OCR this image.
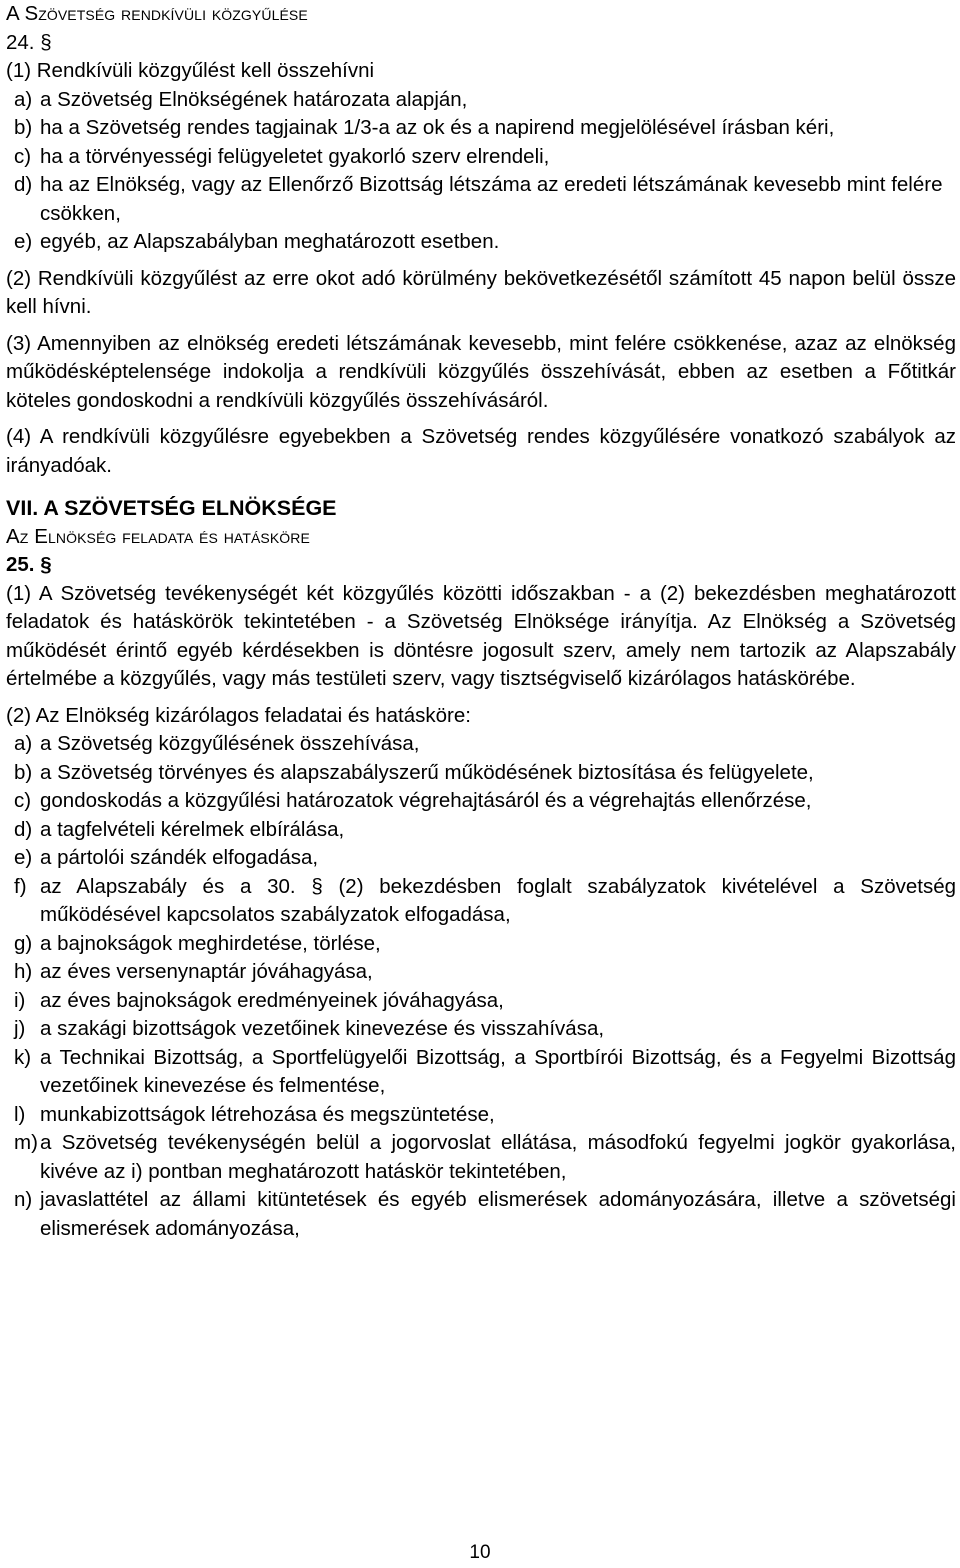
A Szövetség rendkívüli közgyűlése
24. §
(1) Rendkívüli közgyűlést kell összehívni
a) a Szövetség Elnökségének határozata alapján,
b) ha a Szövetség rendes tagjainak 1/3-a az ok és a napirend megjelölésével írásban kéri,
c) ha a törvényességi felügyeletet gyakorló szerv elrendeli,
d) ha az Elnökség, vagy az Ellenőrző Bizottság létszáma az eredeti létszámának kevesebb mint felére csökken,
e) egyéb, az Alapszabályban meghatározott esetben.
(2) Rendkívüli közgyűlést az erre okot adó körülmény bekövetkezésétől számított 45 napon belül össze kell hívni.
(3) Amennyiben az elnökség eredeti létszámának kevesebb, mint felére csökkenése, azaz az elnökség működésképtelensége indokolja a rendkívüli közgyűlés összehívását, ebben az esetben a Főtitkár köteles gondoskodni a rendkívüli közgyűlés összehívásáról.
(4) A rendkívüli közgyűlésre egyebekben a Szövetség rendes közgyűlésére vonatkozó szabályok az irányadóak.
VII. A SZÖVETSÉG ELNÖKSÉGE
Az Elnökség feladata és hatásköre
25. §
(1) A Szövetség tevékenységét két közgyűlés közötti időszakban - a (2) bekezdésben meghatározott feladatok és hatáskörök tekintetében - a Szövetség Elnöksége irányítja. Az Elnökség a Szövetség működését érintő egyéb kérdésekben is döntésre jogosult szerv, amely nem tartozik az Alapszabály értelmébe a közgyűlés, vagy más testületi szerv, vagy tisztségviselő kizárólagos hatáskörébe.
(2) Az Elnökség kizárólagos feladatai és hatásköre:
a) a Szövetség közgyűlésének összehívása,
b) a Szövetség törvényes és alapszabályszerű működésének biztosítása és felügyelete,
c) gondoskodás a közgyűlési határozatok végrehajtásáról és a végrehajtás ellenőrzése,
d) a tagfelvételi kérelmek elbírálása,
e) a pártolói szándék elfogadása,
f) az Alapszabály és a 30. § (2) bekezdésben foglalt szabályzatok kivételével a Szövetség működésével kapcsolatos szabályzatok elfogadása,
g) a bajnokságok meghirdetése, törlése,
h) az éves versenynaptár jóváhagyása,
i) az éves bajnokságok eredményeinek jóváhagyása,
j) a szakági bizottságok vezetőinek kinevezése és visszahívása,
k) a Technikai Bizottság, a Sportfelügyelői Bizottság, a Sportbírói Bizottság, és a Fegyelmi Bizottság vezetőinek kinevezése és felmentése,
l) munkabizottságok létrehozása és megszüntetése,
m) a Szövetség tevékenységén belül a jogorvoslat ellátása, másodfokú fegyelmi jogkör gyakorlása, kivéve az i) pontban meghatározott hatáskör tekintetében,
n) javaslattétel az állami kitüntetések és egyéb elismerések adományozására, illetve a szövetségi elismerések adományozása,
10
